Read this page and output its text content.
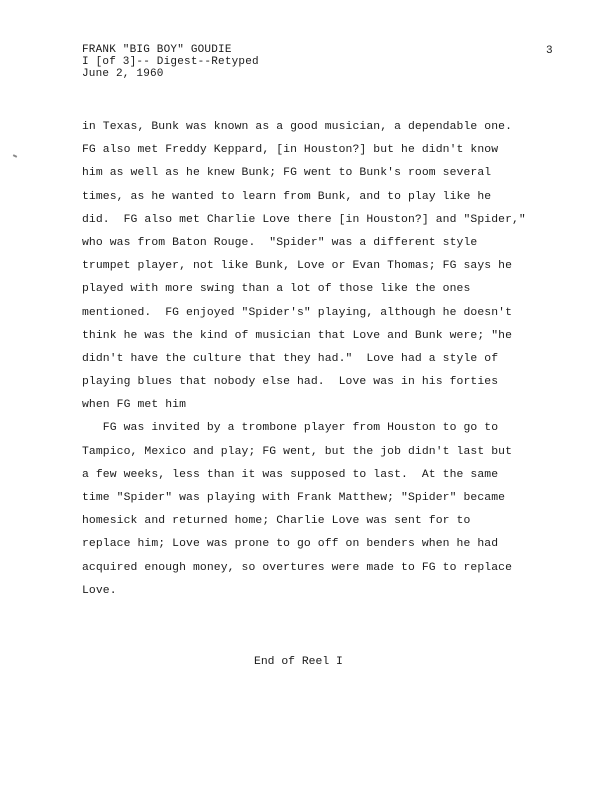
FRANK "BIG BOY" GOUDIE
I [of 3]-- Digest--Retyped
June 2, 1960
3
in Texas, Bunk was known as a good musician, a dependable one.
FG also met Freddy Keppard, [in Houston?] but he didn't know
him as well as he knew Bunk; FG went to Bunk's room several
times, as he wanted to learn from Bunk, and to play like he
did.  FG also met Charlie Love there [in Houston?] and "Spider,"
who was from Baton Rouge.  "Spider" was a different style
trumpet player, not like Bunk, Love or Evan Thomas; FG says he
played with more swing than a lot of those like the ones
mentioned.  FG enjoyed "Spider's" playing, although he doesn't
think he was the kind of musician that Love and Bunk were; "he
didn't have the culture that they had."  Love had a style of
playing blues that nobody else had.  Love was in his forties
when FG met him
FG was invited by a trombone player from Houston to go to
Tampico, Mexico and play; FG went, but the job didn't last but
a few weeks, less than it was supposed to last.  At the same
time "Spider" was playing with Frank Matthew; "Spider" became
homesick and returned home; Charlie Love was sent for to
replace him; Love was prone to go off on benders when he had
acquired enough money, so overtures were made to FG to replace
Love.
End of Reel I
